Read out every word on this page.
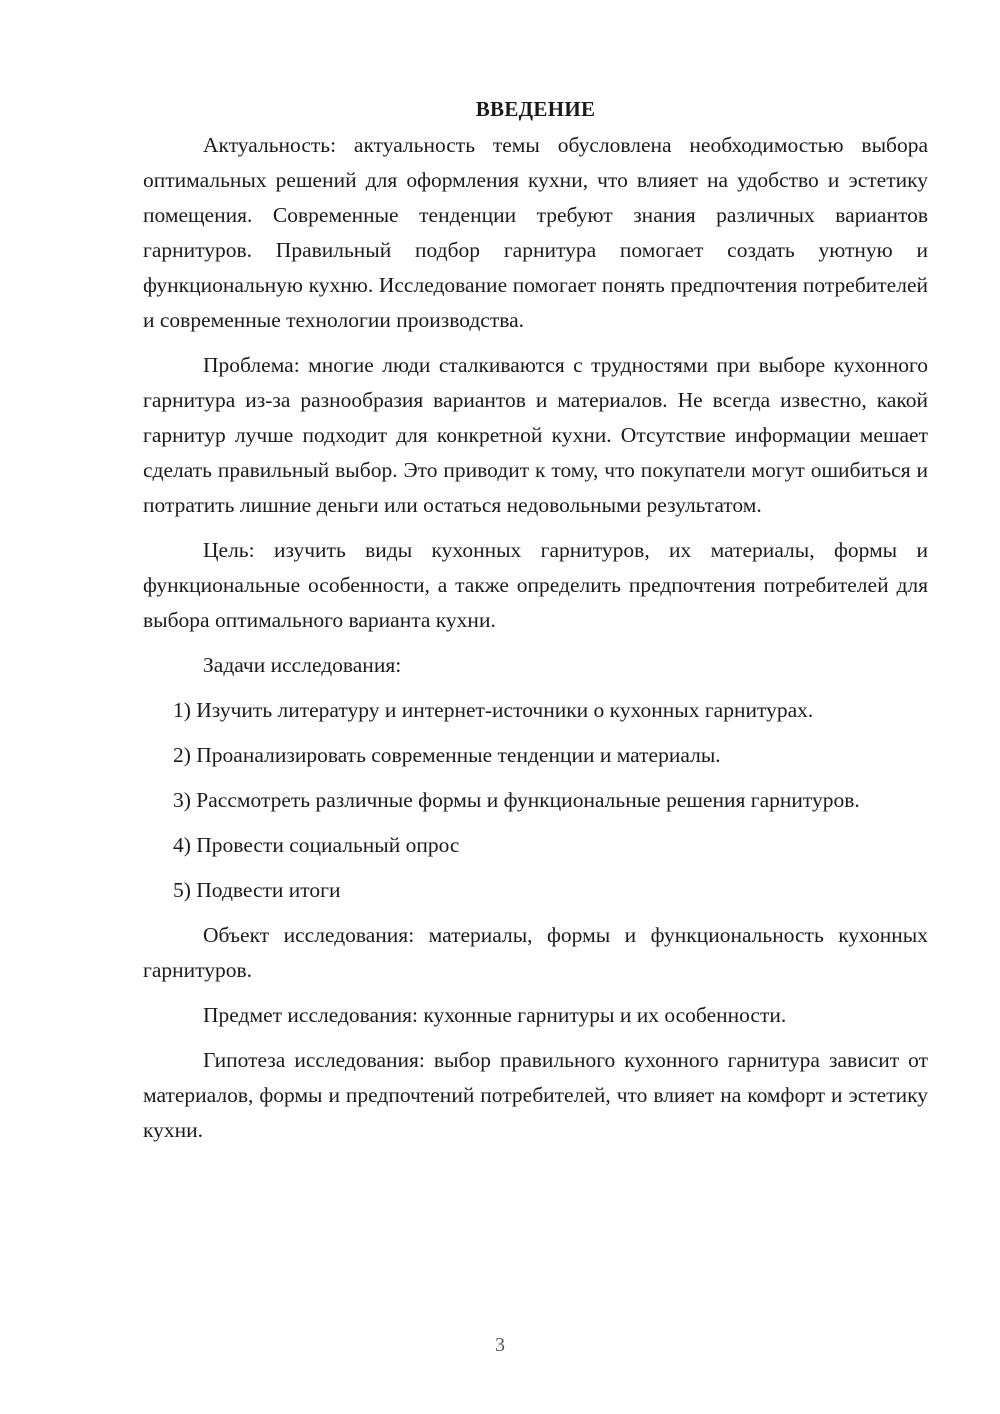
ВВЕДЕНИЕ

Актуальность: актуальность темы обусловлена необходимостью выбора оптимальных решений для оформления кухни, что влияет на удобство и эстетику помещения. Современные тенденции требуют знания различных вариантов гарнитуров. Правильный подбор гарнитура помогает создать уютную и функциональную кухню. Исследование помогает понять предпочтения потребителей и современные технологии производства.

Проблема: многие люди сталкиваются с трудностями при выборе кухонного гарнитура из-за разнообразия вариантов и материалов. Не всегда известно, какой гарнитур лучше подходит для конкретной кухни. Отсутствие информации мешает сделать правильный выбор. Это приводит к тому, что покупатели могут ошибиться и потратить лишние деньги или остаться недовольными результатом.

Цель: изучить виды кухонных гарнитуров, их материалы, формы и функциональные особенности, а также определить предпочтения потребителей для выбора оптимального варианта кухни.

Задачи исследования:

1) Изучить литературу и интернет-источники о кухонных гарнитурах.

2) Проанализировать современные тенденции и материалы.

3) Рассмотреть различные формы и функциональные решения гарнитуров.

4) Провести социальный опрос

5) Подвести итоги

Объект исследования: материалы, формы и функциональность кухонных гарнитуров.

Предмет исследования: кухонные гарнитуры и их особенности.

Гипотеза исследования: выбор правильного кухонного гарнитура зависит от материалов, формы и предпочтений потребителей, что влияет на комфорт и эстетику кухни.

3
